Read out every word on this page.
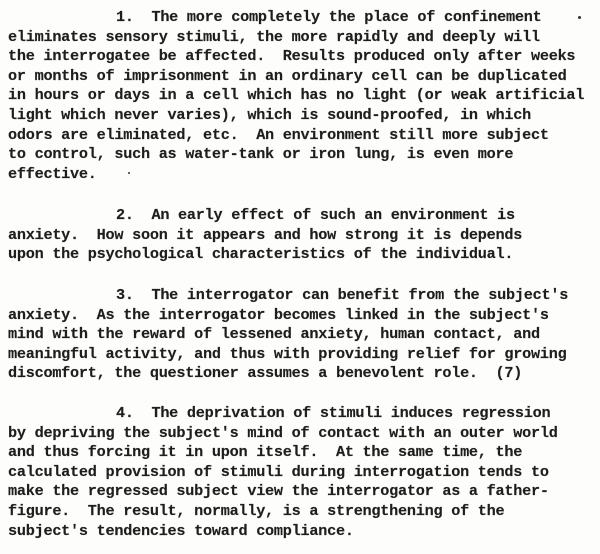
1.  The more completely the place of confinement
eliminates sensory stimuli, the more rapidly and deeply will
the interrogatee be affected.  Results produced only after weeks
or months of imprisonment in an ordinary cell can be duplicated
in hours or days in a cell which has no light (or weak artificial
light which never varies), which is sound-proofed, in which
odors are eliminated, etc.  An environment still more subject
to control, such as water-tank or iron lung, is even more
effective.
2.  An early effect of such an environment is
anxiety.  How soon it appears and how strong it is depends
upon the psychological characteristics of the individual.
3.  The interrogator can benefit from the subject's
anxiety.  As the interrogator becomes linked in the subject's
mind with the reward of lessened anxiety, human contact, and
meaningful activity, and thus with providing relief for growing
discomfort, the questioner assumes a benevolent role.  (7)
4.  The deprivation of stimuli induces regression
by depriving the subject's mind of contact with an outer world
and thus forcing it in upon itself.  At the same time, the
calculated provision of stimuli during interrogation tends to
make the regressed subject view the interrogator as a father-
figure.  The result, normally, is a strengthening of the
subject's tendencies toward compliance.
